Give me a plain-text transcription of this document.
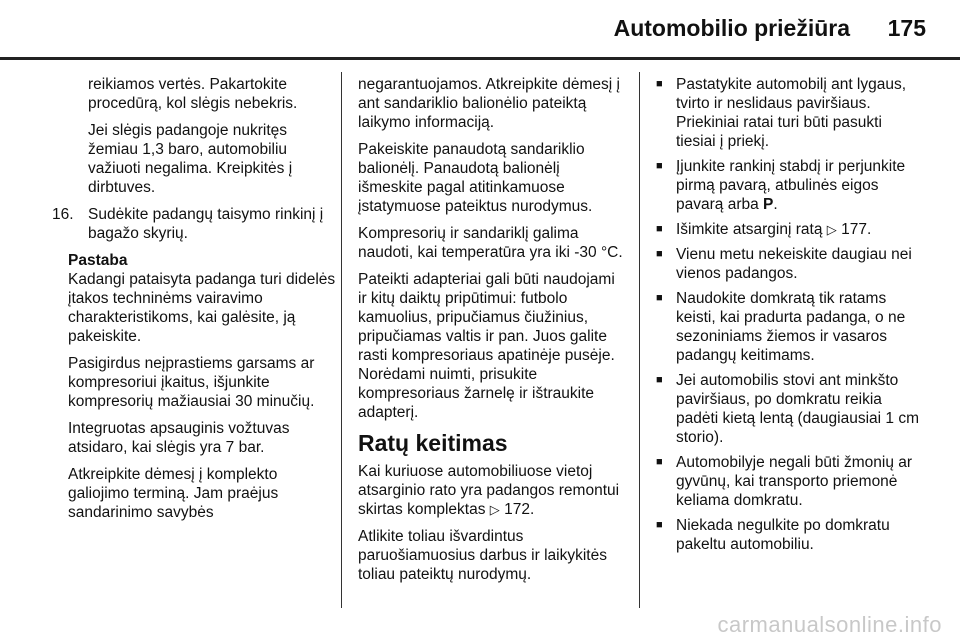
Automobilio priežiūra	175

reikiamos vertės. Pakartokite procedūrą, kol slėgis nebekris.

Jei slėgis padangoje nukritęs žemiau 1,3 baro, automobiliu važiuoti negalima. Kreipkitės į dirbtuves.

16. Sudėkite padangų taisymo rinkinį į bagažo skyrių.

Pastaba

Kadangi pataisyta padanga turi didelės įtakos techninėms vairavimo charakteristikoms, kai galėsite, ją pakeiskite.

Pasigirdus neįprastiems garsams ar kompresoriui įkaitus, išjunkite kompresorių mažiausiai 30 minučių.

Integruotas apsauginis vožtuvas atsidaro, kai slėgis yra 7 bar.

Atkreipkite dėmesį į komplekto galiojimo terminą. Jam praėjus sandarinimo savybės

negarantuojamos. Atkreipkite dėmesį į ant sandariklio balionėlio pateiktą laikymo informaciją.

Pakeiskite panaudotą sandariklio balionėlį. Panaudotą balionėlį išmeskite pagal atitinkamuose įstatymuose pateiktus nurodymus.

Kompresorių ir sandariklį galima naudoti, kai temperatūra yra iki -30 °C.

Pateikti adapteriai gali būti naudojami ir kitų daiktų pripūtimui: futbolo kamuolius, pripučiamus čiužinius, pripučiamas valtis ir pan. Juos galite rasti kompresoriaus apatinėje pusėje. Norėdami nuimti, prisukite kompresoriaus žarnelę ir ištraukite adapterį.

Ratų keitimas

Kai kuriuose automobiliuose vietoj atsarginio rato yra padangos remontui skirtas komplektas ▷ 172.

Atlikite toliau išvardintus paruošiamuosius darbus ir laikykitės toliau pateiktų nurodymų.

■ Pastatykite automobilį ant lygaus, tvirto ir neslidaus paviršiaus. Priekiniai ratai turi būti pasukti tiesiai į priekį.

■ Įjunkite rankinį stabdį ir perjunkite pirmą pavarą, atbulinės eigos pavarą arba P.

■ Išimkite atsarginį ratą ▷ 177.

■ Vienu metu nekeiskite daugiau nei vienos padangos.

■ Naudokite domkratą tik ratams keisti, kai pradurta padanga, o ne sezoniniams žiemos ir vasaros padangų keitimams.

■ Jei automobilis stovi ant minkšto paviršiaus, po domkratu reikia padėti kietą lentą (daugiausiai 1 cm storio).

■ Automobilyje negali būti žmonių ar gyvūnų, kai transporto priemonė keliama domkratu.

■ Niekada negulkite po domkratu pakeltu automobiliu.

carmanualsonline.info
